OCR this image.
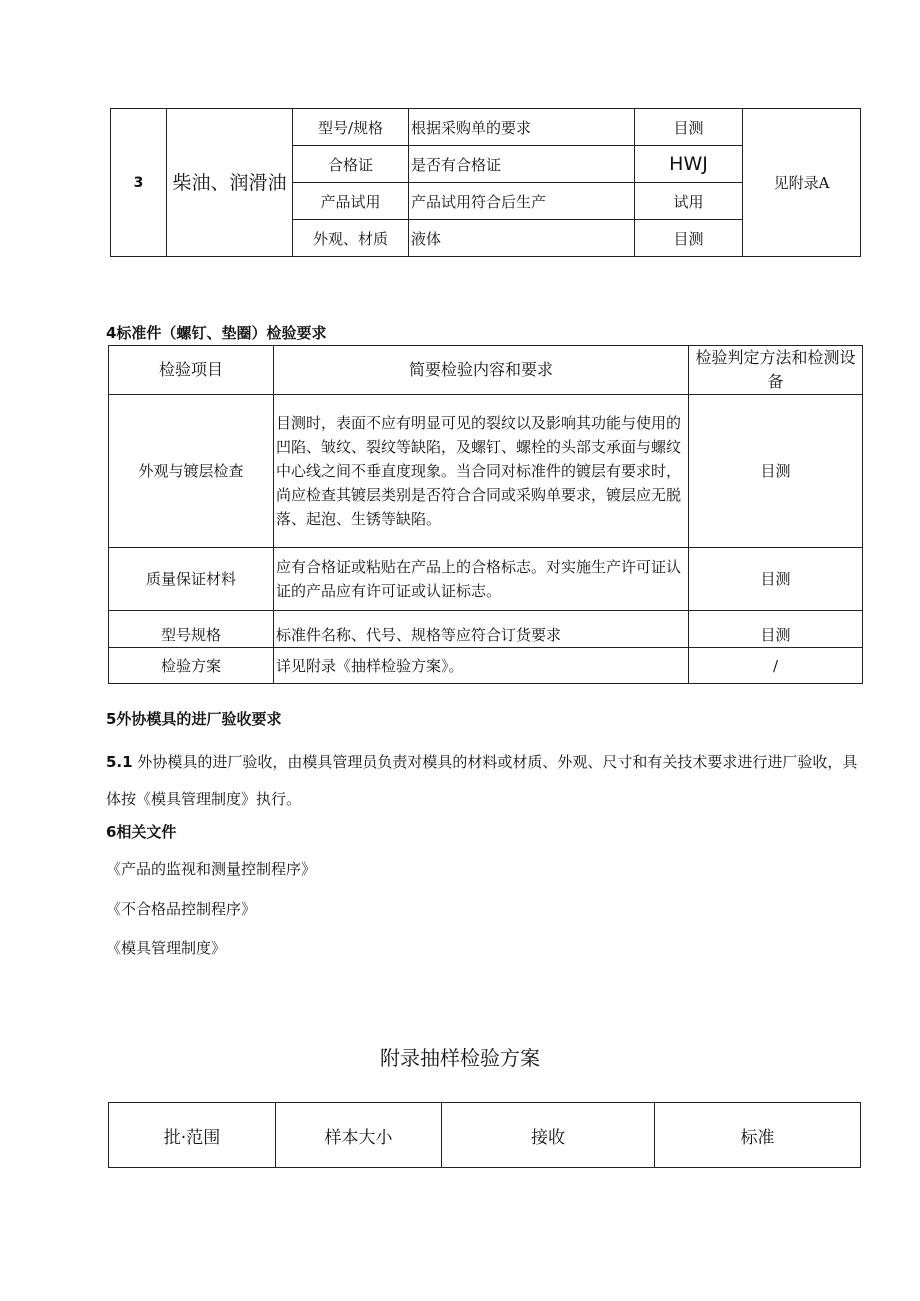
3	柴油、润滑油	型号/规格	根据采购单的要求	目测	见附录A
		合格证	是否有合格证	HWJ	
		产品试用	产品试用符合后生产	试用	
		外观、材质	液体	目测	
4标准件（螺钉、垫圈）检验要求
检验项目	简要检验内容和要求	检验判定方法和检测设备
外观与镀层检查	目测时，表面不应有明显可见的裂纹以及影响其功能与使用的凹陷、皱纹、裂纹等缺陷，及螺钉、螺栓的头部支承面与螺纹中心线之间不垂直度现象。当合同对标准件的镀层有要求时，尚应检查其镀层类别是否符合合同或采购单要求，镀层应无脱落、起泡、生锈等缺陷。	目测
质量保证材料	应有合格证或粘贴在产品上的合格标志。对实施生产许可证认证的产品应有许可证或认证标志。	目测
型号规格	标准件名称、代号、规格等应符合订货要求	目测
检验方案	详见附录《抽样检验方案》。	/
5外协模具的进厂验收要求
5.1 外协模具的进厂验收，由模具管理员负责对模具的材料或材质、外观、尺寸和有关技术要求进行进厂验收，具体按《模具管理制度》执行。
6相关文件
《产品的监视和测量控制程序》
《不合格品控制程序》
《模具管理制度》
附录抽样检验方案
批·范围	样本大小	接收	标准
